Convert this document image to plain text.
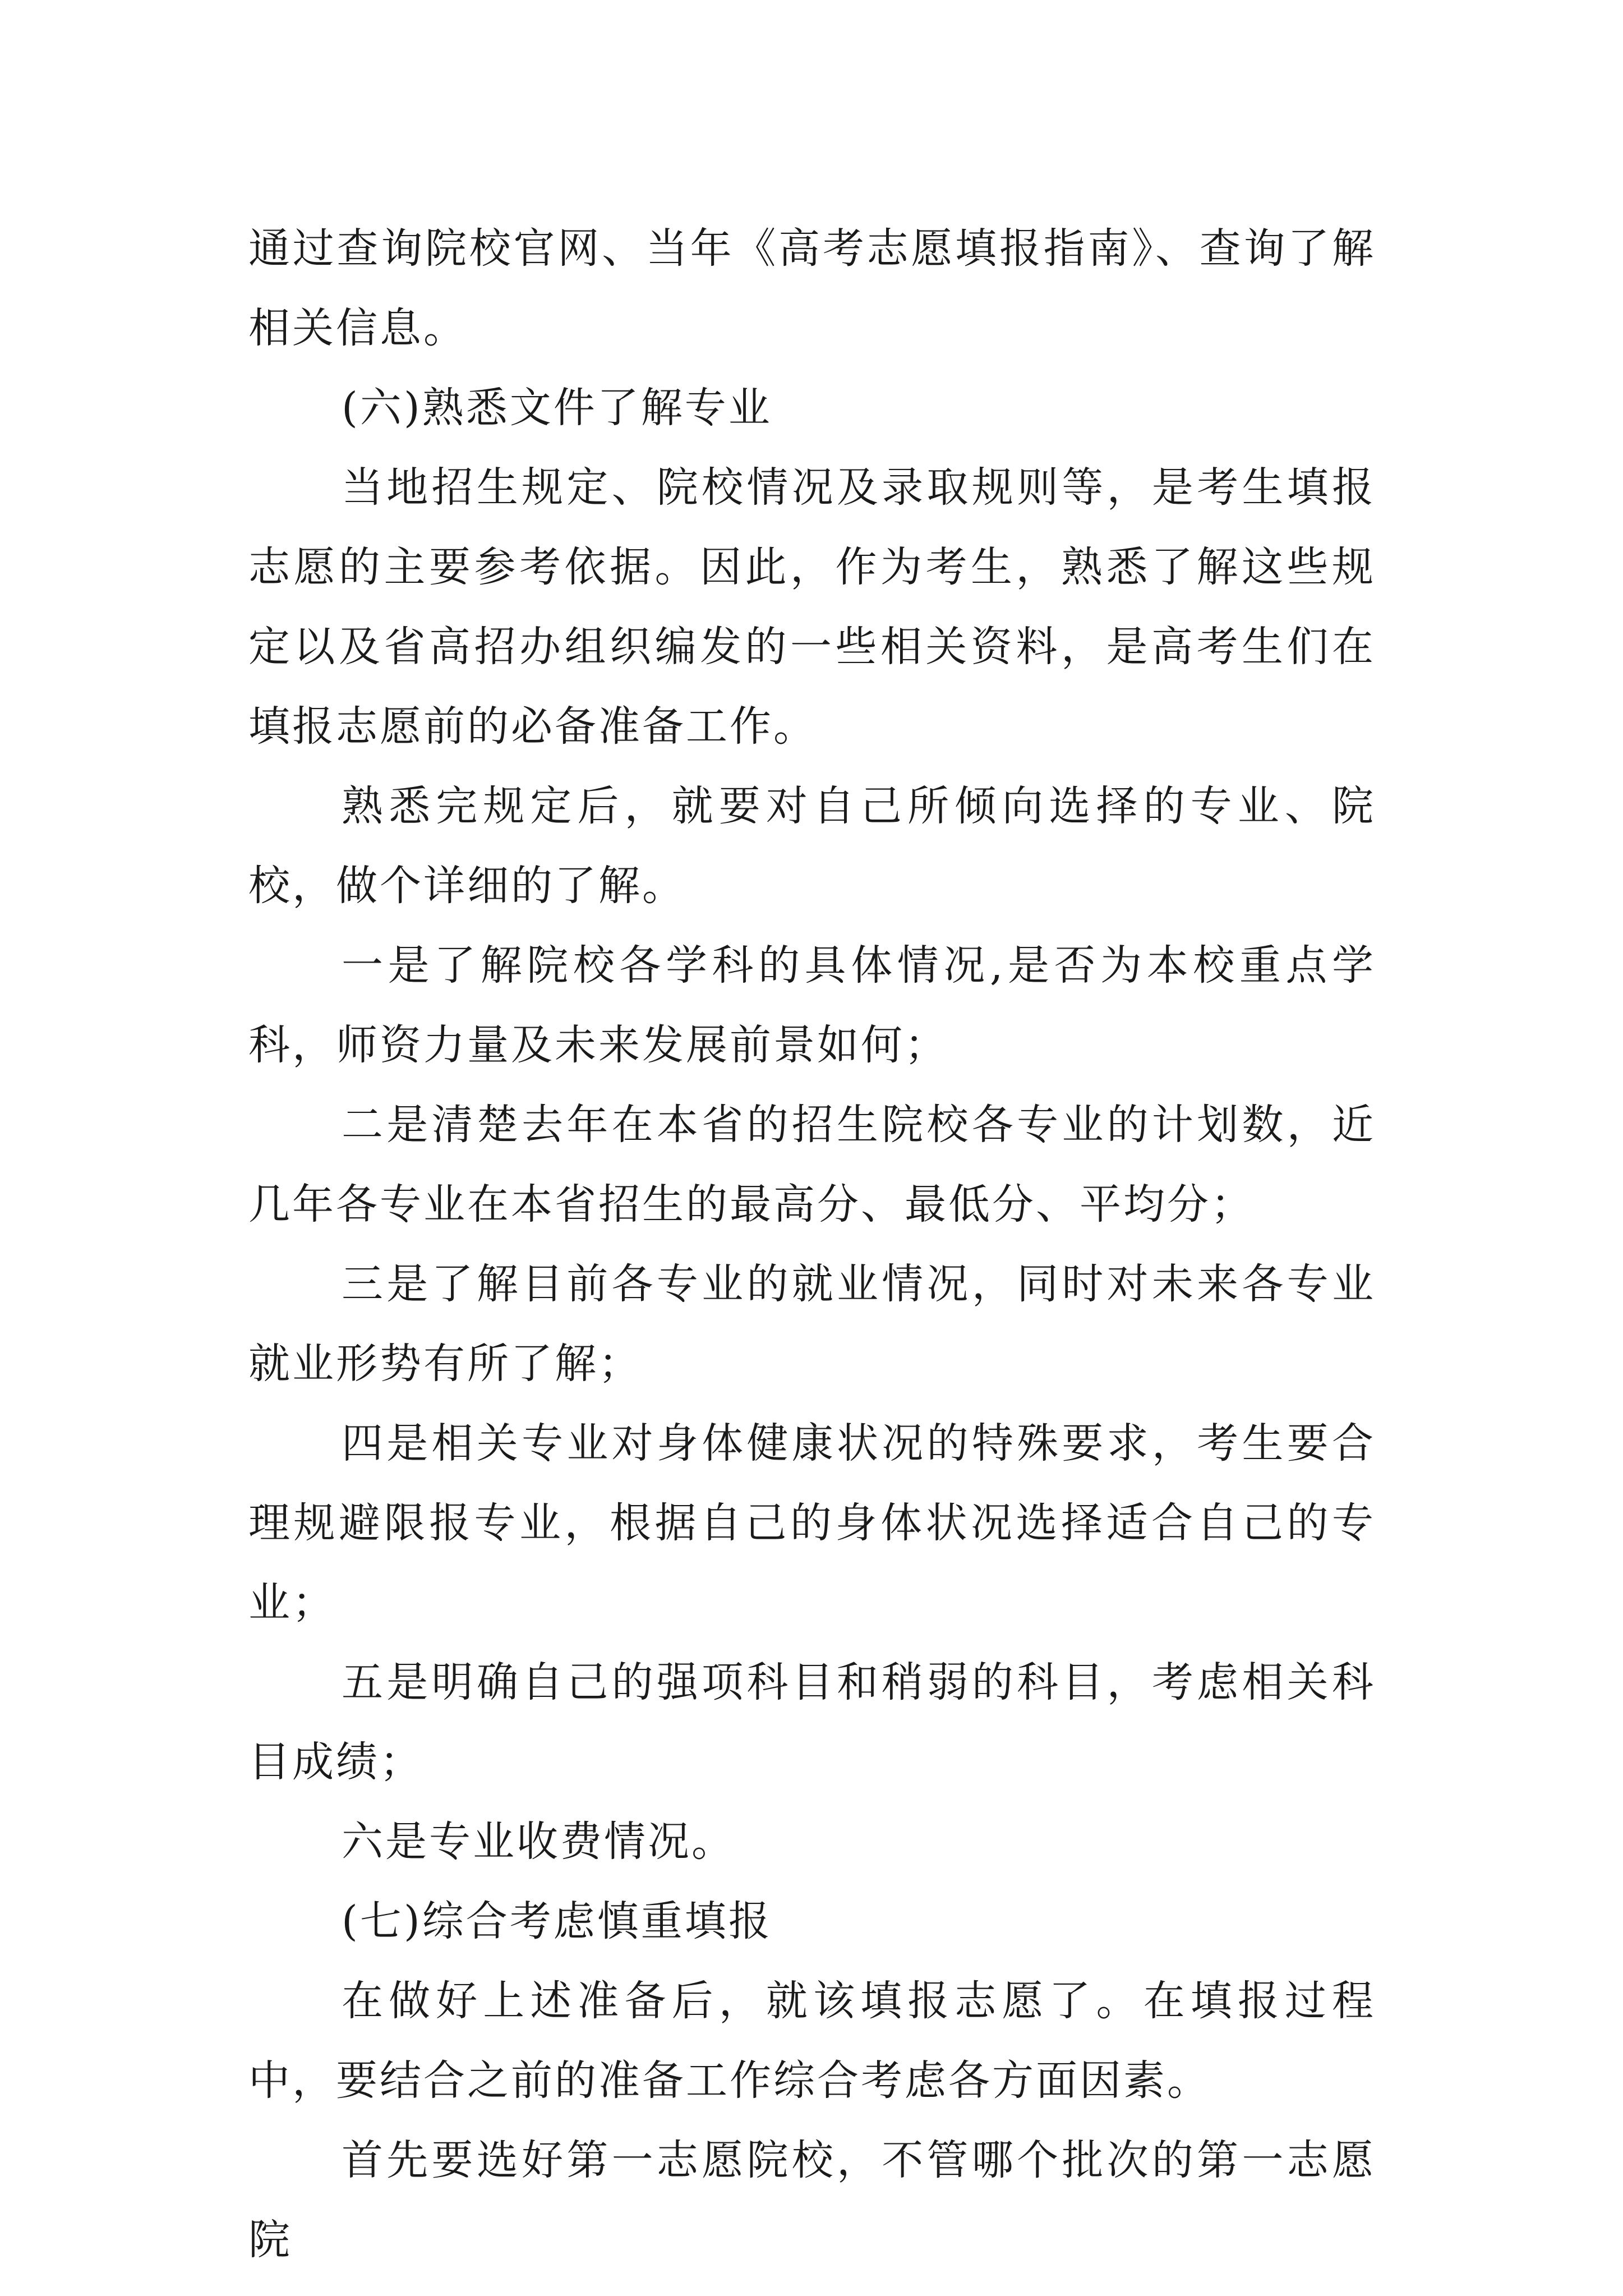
通过查询院校官网、当年《高考志愿填报指南》、查询了解相关信息。

(六)熟悉文件了解专业

当地招生规定、院校情况及录取规则等，是考生填报志愿的主要参考依据。因此，作为考生，熟悉了解这些规定以及省高招办组织编发的一些相关资料，是高考生们在填报志愿前的必备准备工作。

熟悉完规定后，就要对自己所倾向选择的专业、院校，做个详细的了解。

一是了解院校各学科的具体情况,是否为本校重点学科，师资力量及未来发展前景如何；

二是清楚去年在本省的招生院校各专业的计划数，近几年各专业在本省招生的最高分、最低分、平均分；

三是了解目前各专业的就业情况，同时对未来各专业就业形势有所了解；

四是相关专业对身体健康状况的特殊要求，考生要合理规避限报专业，根据自己的身体状况选择适合自己的专业；

五是明确自己的强项科目和稍弱的科目，考虑相关科目成绩；

六是专业收费情况。

(七)综合考虑慎重填报

在做好上述准备后，就该填报志愿了。在填报过程中，要结合之前的准备工作综合考虑各方面因素。

首先要选好第一志愿院校，不管哪个批次的第一志愿院
